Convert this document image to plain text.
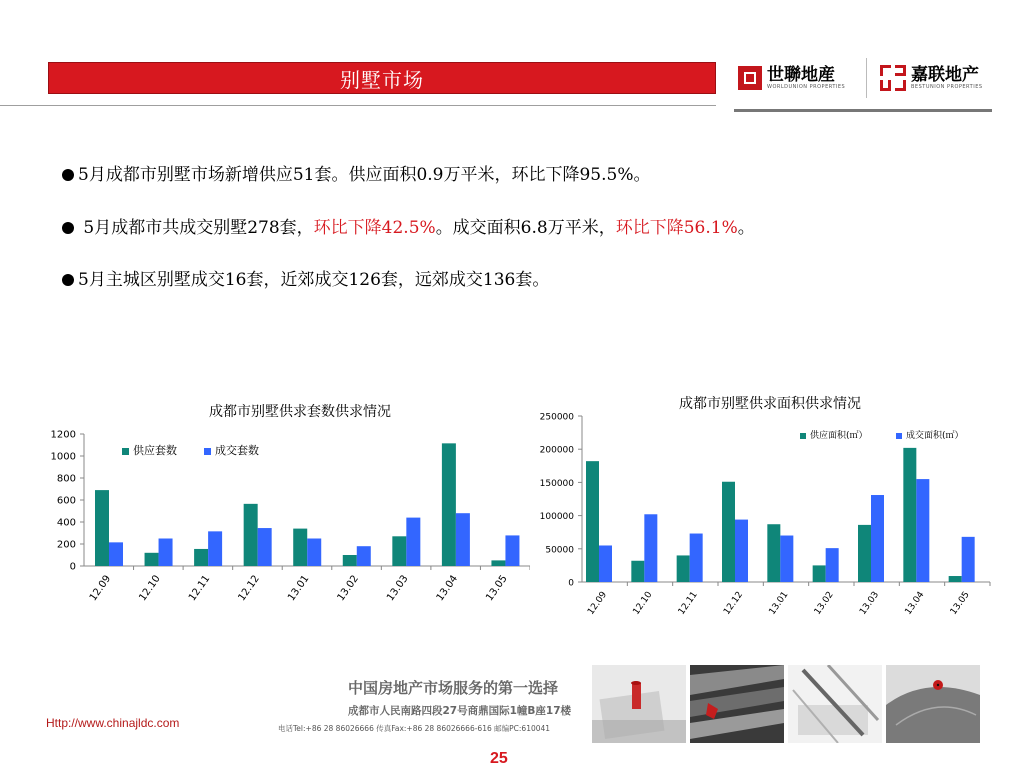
别墅市场	世聯地産
WORLDUNION PROPERTIES
嘉联地产
BESTUNION PROPERTIES
5月成都市别墅市场新增供应51套。供应面积0.9万平米，环比下降95.5%。
5月成都市共成交别墅278套，环比下降42.5%。成交面积6.8万平米，环比下降56.1%。
5月主城区别墅成交16套，近郊成交126套，远郊成交136套。
成都市别墅供求套数供求情况
0
200
400
600
800
1000
1200
12.09 12.10 12.11 12.12 13.01 13.02 13.03 13.04 13.05
供应套数	成交套数
成都市别墅供求面积供求情况
0
50000
100000
150000
200000
250000
12.09 12.10 12.11 12.12 13.01 13.02 13.03 13.04 13.05
供应面积(㎡）	成交面积(㎡）
Http://www.chinajldc.com
中国房地产市场服务的第一选择
成都市人民南路四段27号商鼎国际1幢B座17楼
电话Tel:+86 28 86026666 传真Fax:+86 28 86026666-616 邮编PC:610041
25
